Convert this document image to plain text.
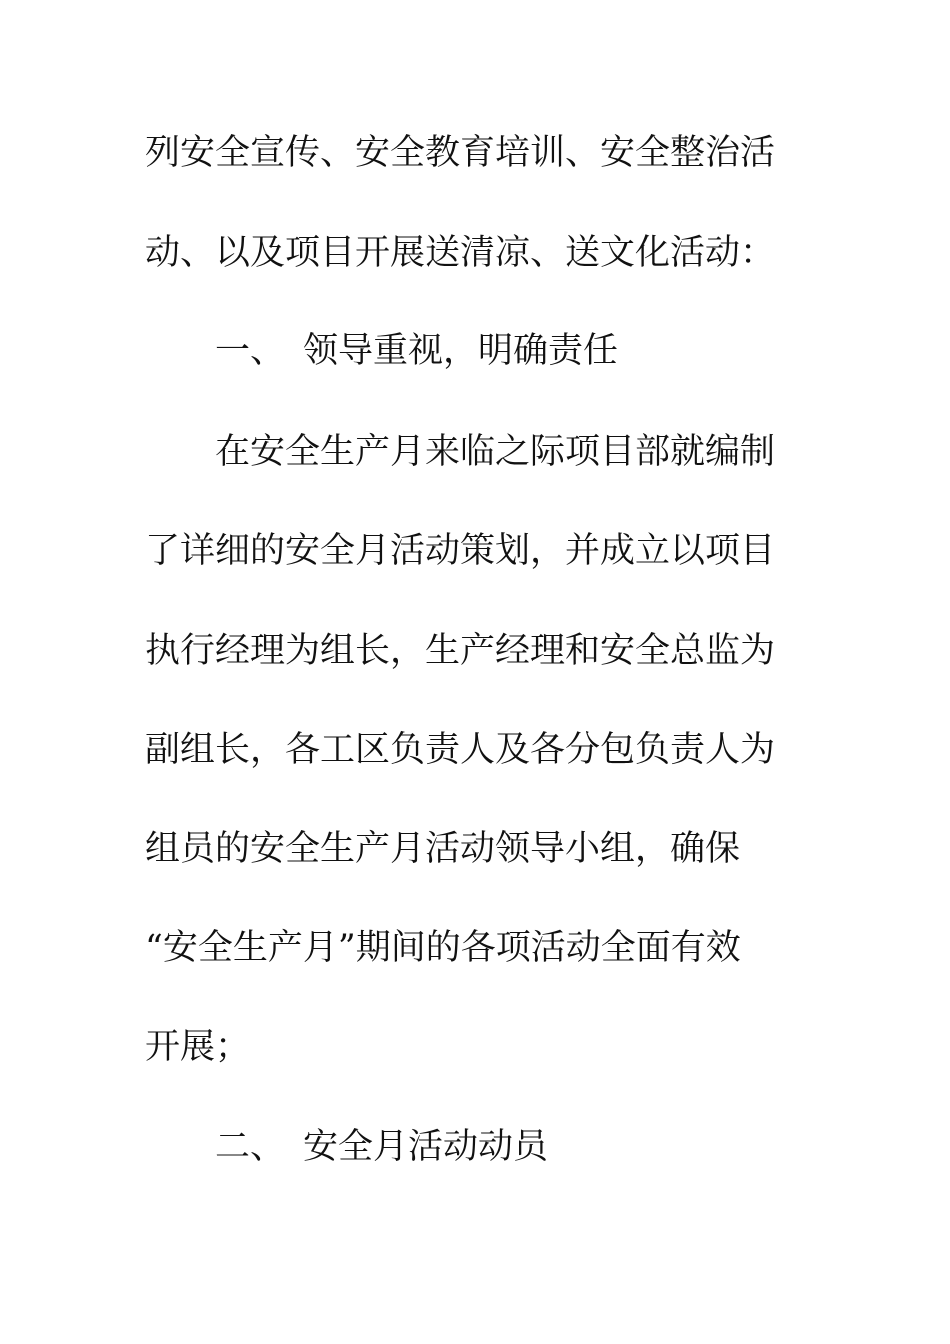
列安全宣传、安全教育培训、安全整治活
动、以及项目开展送清凉、送文化活动：
一、 领导重视，明确责任
在安全生产月来临之际项目部就编制
了详细的安全月活动策划，并成立以项目
执行经理为组长，生产经理和安全总监为
副组长，各工区负责人及各分包负责人为
组员的安全生产月活动领导小组，确保
“安全生产月”期间的各项活动全面有效
开展；
二、 安全月活动动员
